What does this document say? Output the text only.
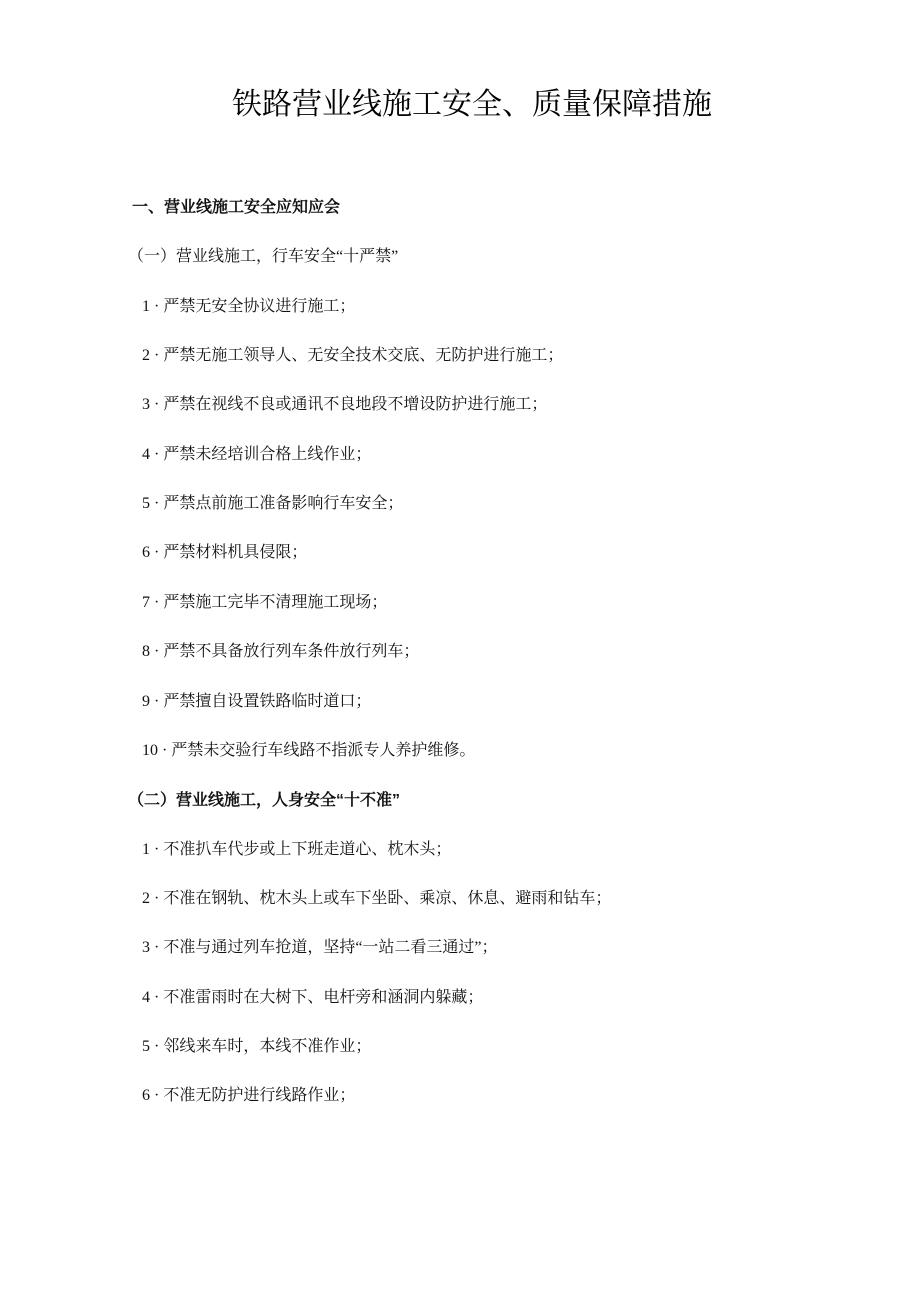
铁路营业线施工安全、质量保障措施
一、营业线施工安全应知应会
（一）营业线施工，行车安全“十严禁”
1 · 严禁无安全协议进行施工；
2 · 严禁无施工领导人、无安全技术交底、无防护进行施工；
3 · 严禁在视线不良或通讯不良地段不增设防护进行施工；
4 · 严禁未经培训合格上线作业；
5 · 严禁点前施工准备影响行车安全；
6 · 严禁材料机具侵限；
7 · 严禁施工完毕不清理施工现场；
8 · 严禁不具备放行列车条件放行列车；
9 · 严禁擅自设置铁路临时道口；
10 · 严禁未交验行车线路不指派专人养护维修。
（二）营业线施工，人身安全“十不准”
1 · 不准扒车代步或上下班走道心、枕木头；
2 · 不准在钢轨、枕木头上或车下坐卧、乘凉、休息、避雨和钻车；
3 · 不准与通过列车抢道，坚持“一站二看三通过”；
4 · 不准雷雨时在大树下、电杆旁和涵洞内躲藏；
5 · 邻线来车时，本线不准作业；
6 · 不准无防护进行线路作业；
